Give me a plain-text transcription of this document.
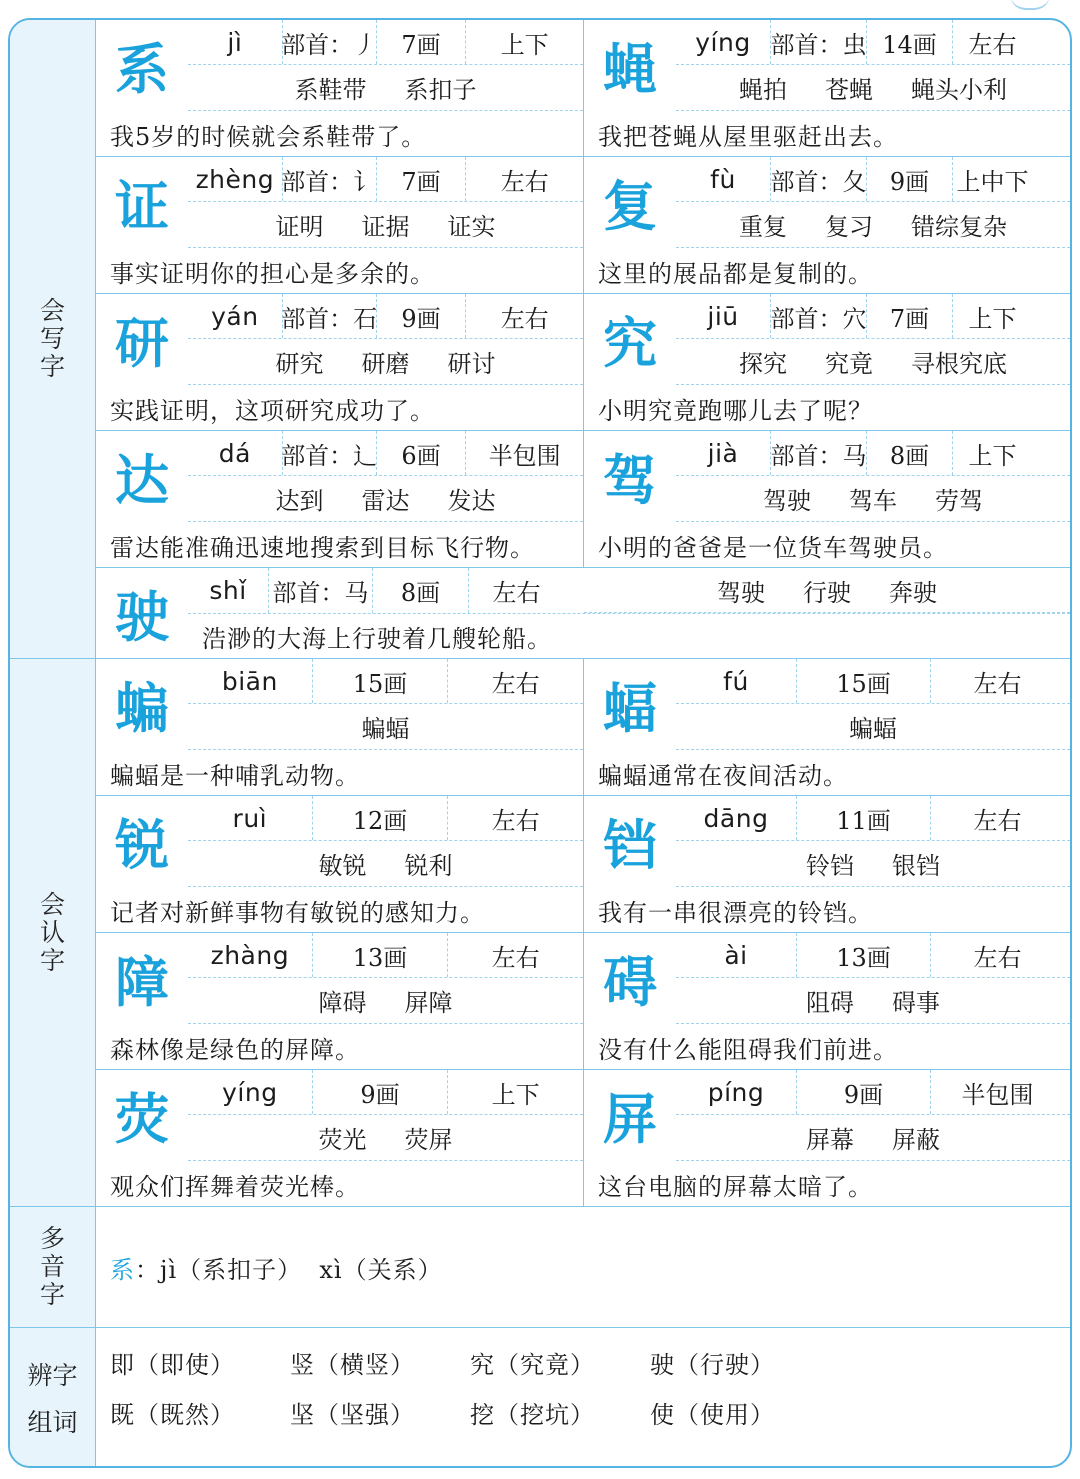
会
写
字
系	jì	部首：丿	7画	上下
系鞋带 系扣子
我5岁的时候就会系鞋带了。
蝇	yíng 部首：虫 14画	左右
蝇拍 苍蝇 蝇头小利
我把苍蝇从屋里驱赶出去。
证	zhèng 部首：讠	7画	左右
证明 证据 证实
事实证明你的担心是多余的。
复	fù	部首：夂 9画	上中下
重复 复习 错综复杂
这里的展品都是复制的。
研	yán 部首：石	9画	左右
研究 研磨 研讨
实践证明，这项研究成功了。
究	jiū	部首：穴 7画	上下
探究 究竟 寻根究底
小明究竟跑哪儿去了呢？
达	dá	部首：辶	6画	半包围
达到 雷达 发达
雷达能准确迅速地搜索到目标飞行物。
驾	jià	部首：马 8画	上下
驾驶 驾车 劳驾
小明的爸爸是一位货车驾驶员。
驶	shǐ	部首：马	8画	左右	驾驶 行驶 奔驶
浩渺的大海上行驶着几艘轮船。
会
认
字
蝙	biān	15画	左右
蝙蝠
蝙蝠是一种哺乳动物。
蝠	fú	15画	左右
蝙蝠
蝙蝠通常在夜间活动。
锐	ruì	12画	左右
敏锐 锐利
记者对新鲜事物有敏锐的感知力。
铛	dāng	11画	左右
铃铛 银铛
我有一串很漂亮的铃铛。
障	zhàng	13画	左右
障碍 屏障
森林像是绿色的屏障。
碍	ài	13画	左右
阻碍 碍事
没有什么能阻碍我们前进。
荧	yíng	9画	上下
荧光 荧屏
观众们挥舞着荧光棒。
屏	píng	9画	半包围
屏幕 屏蔽
这台电脑的屏幕太暗了。
多
音
字
系 ：jì（系扣子）  xì（关系）
辨字
组词
即（即使） 竖（横竖） 究（究竟） 驶（行驶）
既（既然） 坚（坚强） 挖（挖坑） 使（使用）
